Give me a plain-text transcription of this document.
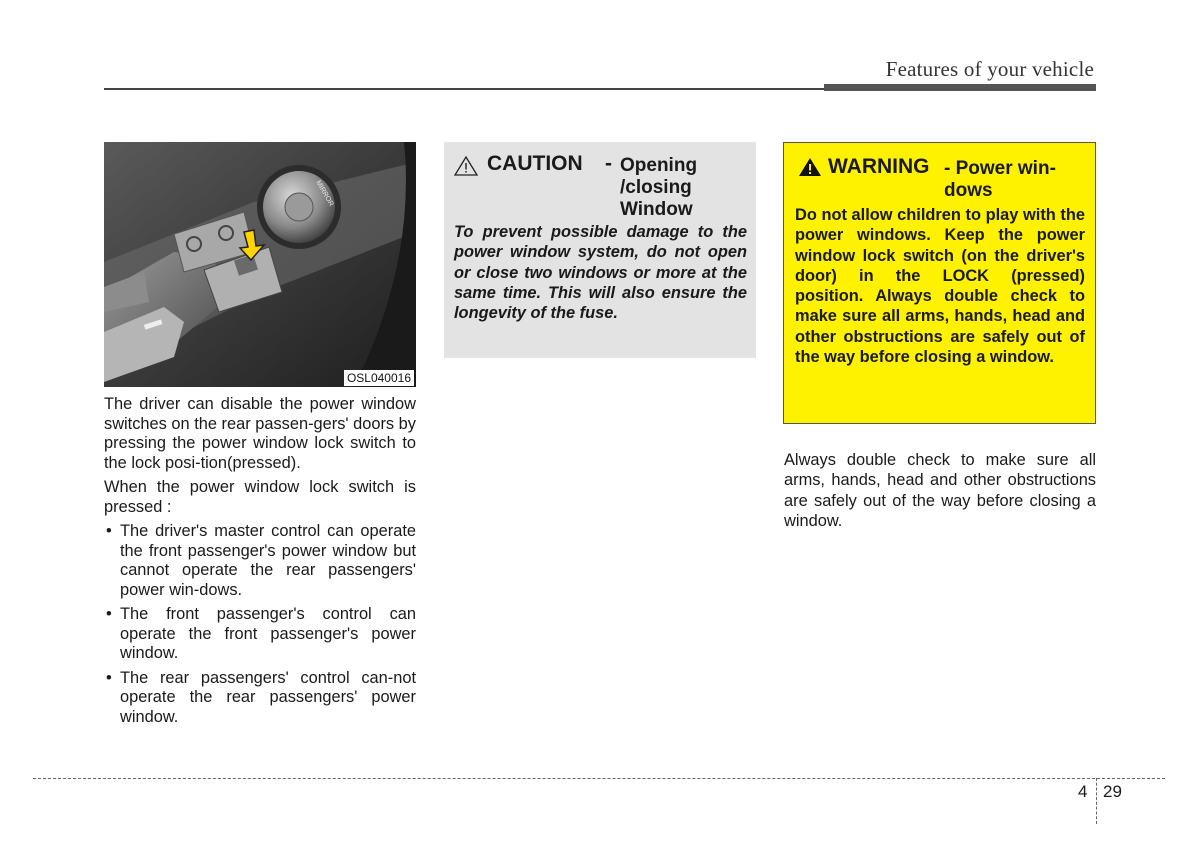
Features of your vehicle
MIRROR
OSL040016

The driver can disable the power window switches on the rear passen-gers' doors by pressing the power window lock switch to the lock posi-tion(pressed).

When the power window lock switch is pressed :

• The driver's master control can operate the front passenger's power window but cannot operate the rear passengers' power win-dows.
• The front passenger's control can operate the front passenger's power window.
• The rear passengers' control can-not operate the rear passengers' power window.
CAUTION - Opening
/closing
Window
To prevent possible damage to the power window system, do not open or close two windows or more at the same time. This will also ensure the longevity of the fuse.
WARNING - Power win- dows
Do not allow children to play with the power windows. Keep the power window lock switch (on the driver's door) in the LOCK (pressed) position. Always double check to make sure all arms, hands, head and other obstructions are safely out of the way before closing a window.

Always double check to make sure all arms, hands, head and other obstructions are safely out of the way before closing a window.

4 29
